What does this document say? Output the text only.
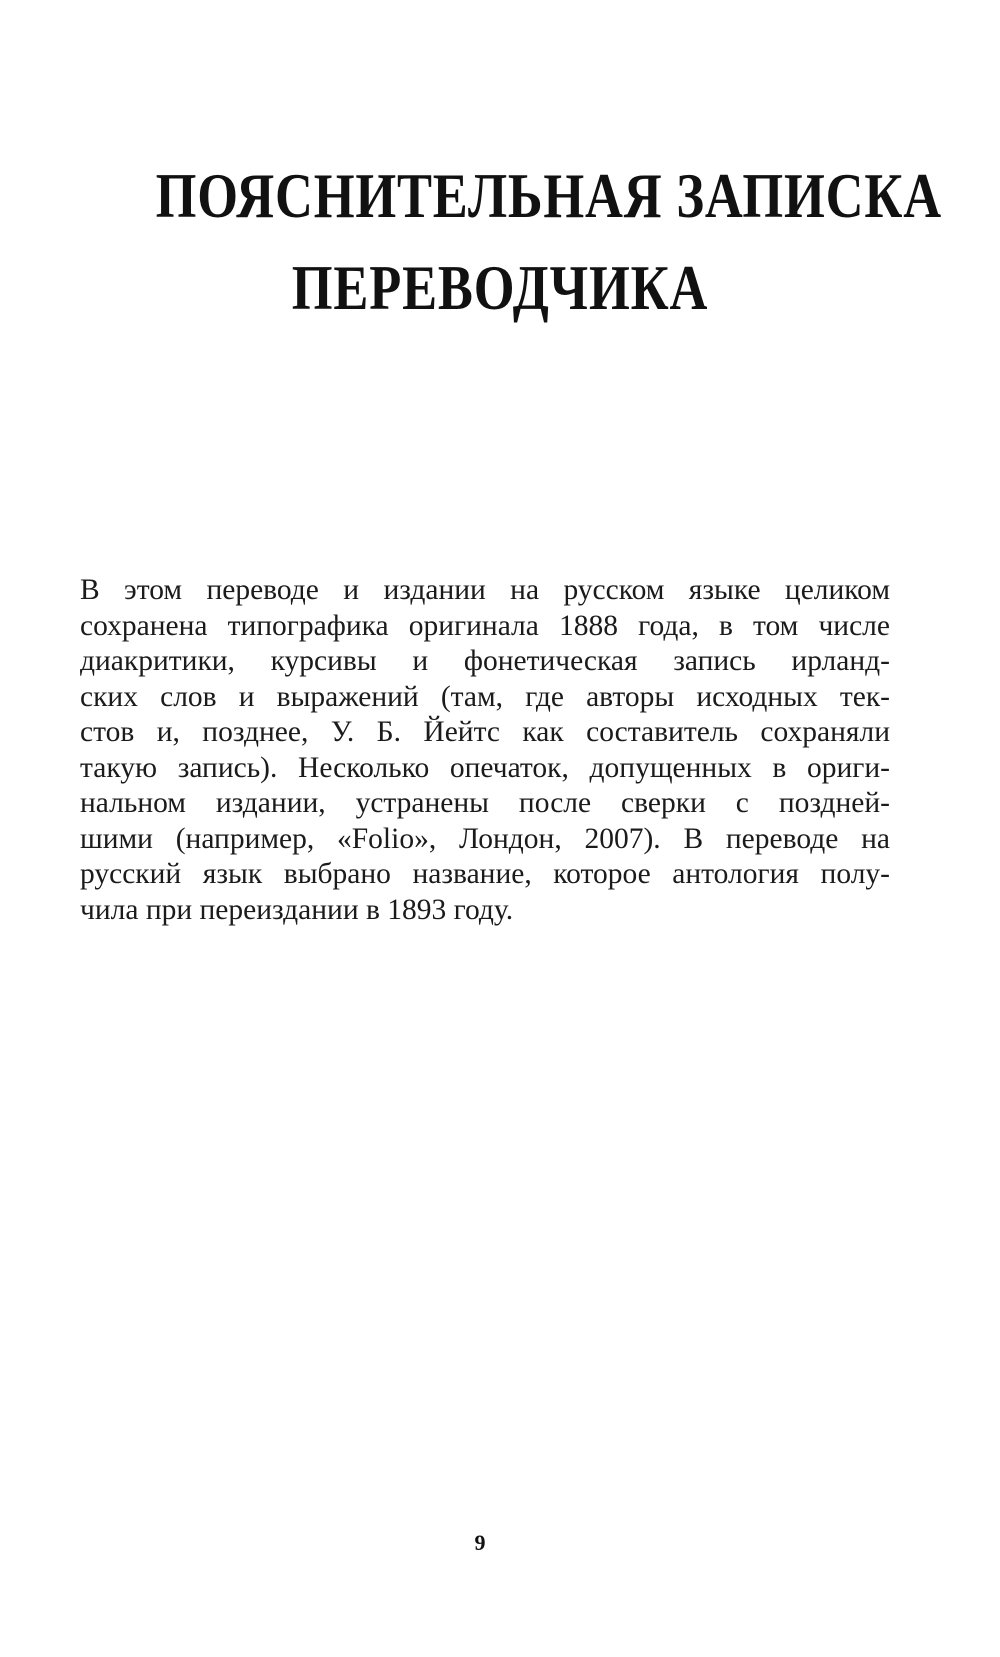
ПОЯСНИТЕЛЬНАЯ ЗАПИСКА
ПЕРЕВОДЧИКА
В этом переводе и издании на русском языке целиком
сохранена типографика оригинала 1888 года, в том числе
диакритики, курсивы и фонетическая запись ирланд-
ских слов и выражений (там, где авторы исходных тек-
стов и, позднее, У. Б. Йейтс как составитель сохраняли
такую запись). Несколько опечаток, допущенных в ориги-
нальном издании, устранены после сверки с поздней-
шими (например, «Folio», Лондон, 2007). В переводе на
русский язык выбрано название, которое антология полу-
чила при переиздании в 1893 году.
9
